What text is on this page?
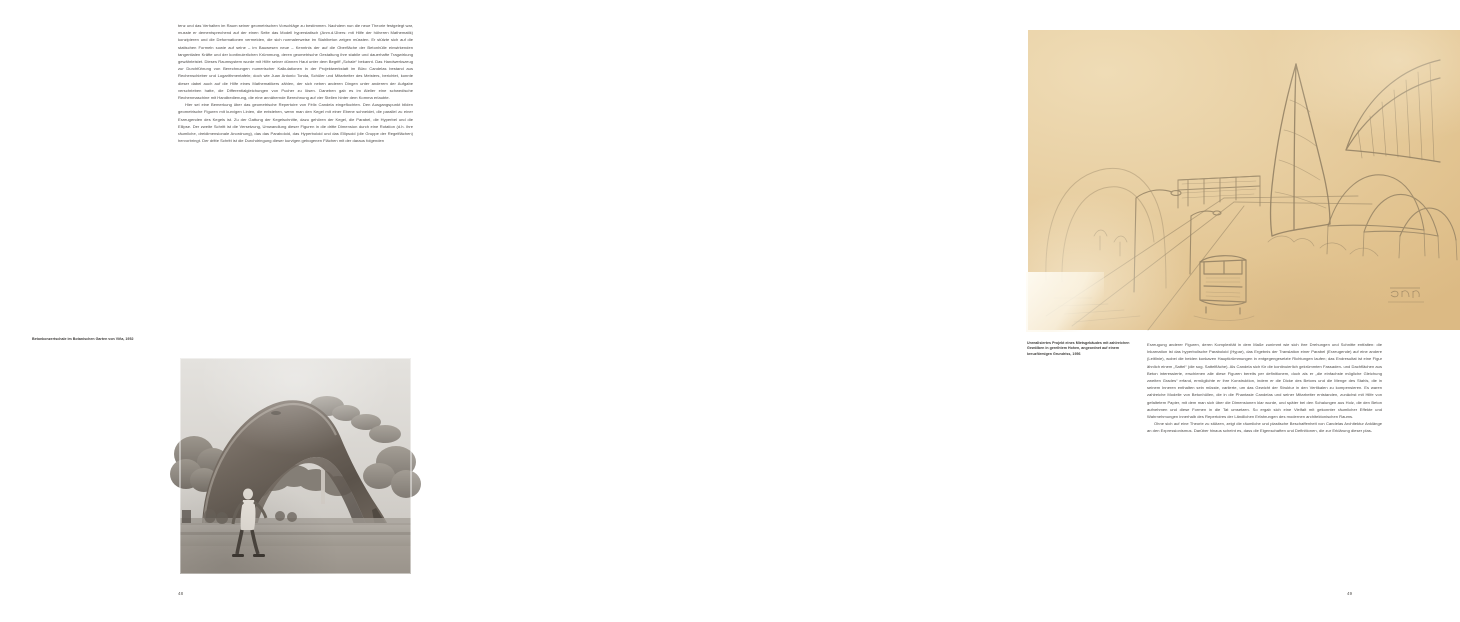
tenz und das Verhalten im Raum seiner geometrischen Vorschläge zu bestimmen. Nachdem nun die neue Theorie festgelegt war, musste er dementsprechend auf der einen Seite das Modell hyperstatisch (Anm.d.Übers: mit Hilfe der höheren Mathematik) konzipieren und die Deformationen vermeiden, die sich normalerweise im Stahlbeton zeigen müssten. Er stützte sich auf die statischen Formeln sowie auf seine – im Bauwesen neue – Kenntnis der auf die Oberfläche der Betonhülle einwirkenden tangentialen Kräfte und der kontinuierlichen Krümmung, deren geometrische Gestaltung ihre stabile und dauerhafte Tragwirkung gewährleistet. Dieses Raumsystem wurde mit Hilfe seiner dünnen Haut unter dem Begriff „Schale“ bekannt. Das Handwerkszeug zur Durchführung von Berechnungen numerischer Kalkulationen in der Projektwerkstatt im Büro Candelas bestand aus Rechenschieber und Logarithmentafeln; doch wie Juan Antonio Tonda, Schüler und Mitarbeiter des Meisters, berichtet, konnte dieser dabei auch auf die Hilfe eines Mathematikers zählen, der sich neben anderen Dingen unter anderem der Aufgabe verschrieben hatte, die Differentialgleichungen von Pucher zu lösen. Daneben gab es im Atelier eine schwedische Rechenmaschine mit Handbedienung, die eine annähernde Berechnung auf vier Stellen hinter dem Komma erlaubte.

Hier sei eine Bemerkung über das geometrische Repertoire von Félix Candela eingeflochten. Den Ausgangspunkt bilden geometrische Figuren mit kurvigen Linien, die entstehen, wenn man den Kegel mit einer Ebene schneidet, die parallel zu einer Erzeugenden des Kegels ist. Zu der Gattung der Kegelschnitte, dazu gehören der Kegel, die Parabel, die Hyperbel und die Ellipse. Der zweite Schritt ist die Versetzung, Umwandlung dieser Figuren in die dritte Dimension durch eine Rotation (d.h. ihre räumliche, dreidimensionale Anordnung), das das Paraboloid, das Hyperboloid und das Ellipsoid (die Gruppe der Regelflächen) hervorbringt. Der dritte Schritt ist die Durchdringung dieser kurvigen gebogenen Flächen mit der daraus folgenden

Betonkonzertschale im Botanischen Garten von Viña, 1952
48
Unrealisiertes Projekt eines Mietsgebäudes mit zahlreichen Gewölben in gereihtem Hohen, angeordnet auf einem kreuzförmigen Grundriss, 1956

Erzeugung anderer Figuren, deren Komplexität in dem Maße zunimmt wie sich ihre Drehungen und Schnitte entfalten: die Inkarnation ist das hyperbolische Paraboloid (Hypar), das Ergebnis der Translation einer Parabel (Erzeugende) auf eine andere (Leitlinie), wobei die beiden konkaven Hauptkrümmungen in entgegengesetzte Richtungen laufen; das Endresultat ist eine Figur ähnlich einem „Sattel“ (die sog. Sattelfläche). Als Candela sich für die kontinuierlich gekrümmten Fassaden- und Dachflächen aus Beton interessierte, erschienen alle diese Figuren bereits per definitionem, doch als er „die einfachste mögliche Gleichung zweiten Grades“ erfand, ermöglichte er ihre Konstruktion, indem er die Dicke des Betons und die Menge des Stahls, die in seinem Inneren enthalten sein müsste, variierte, um das Gewicht der Struktur in den Vertikalen zu kompensieren. Es waren zahlreiche Modelle von Betonhüllen, die in die Phantasie Candelas und seiner Mitarbeiter entstanden, zunächst mit Hilfe von gefaltetem Papier, mit dem man sich über die Dimensionen klar wurde, und später bei den Schalungen aus Holz, die den Beton aufnehmen und diese Formen in die Tat umsetzen. So ergab sich eine Vielfalt mit gekonnter räumlicher Effekte und Wahrnehmungen innerhalb des Repertoires der Ländlichen Erfahrungen des modernen architektonischen Raums.

Ohne sich auf eine Theorie zu stützen, zeigt die räumliche und plastische Beschaffenheit von Candelas Architektur Anklänge an den Expressionismus. Darüber hinaus scheint es, dass die Eigenschaften und Definitionen, die zur Erklärung dieser plas-

49
